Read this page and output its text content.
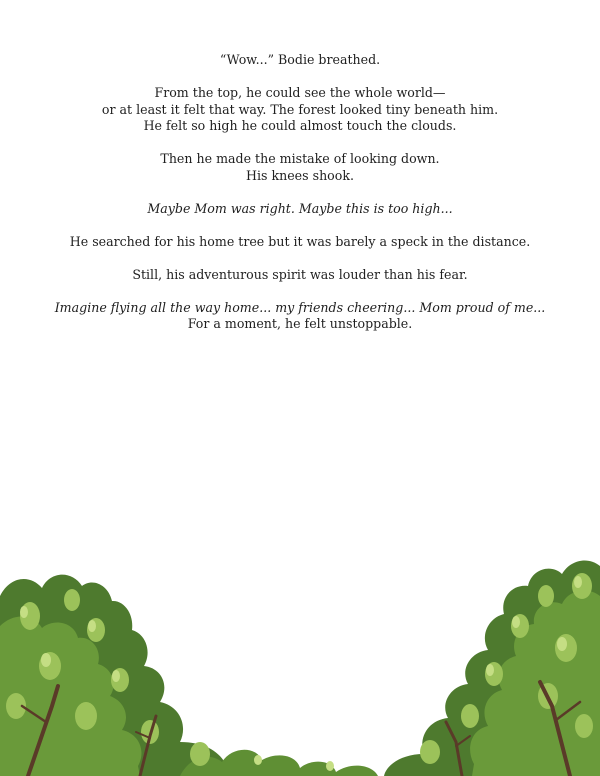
“Wow...” Bodie breathed.

From the top, he could see the whole world—
or at least it felt that way. The forest looked tiny beneath him.
He felt so high he could almost touch the clouds.

Then he made the mistake of looking down.
His knees shook.

Maybe Mom was right. Maybe this is too high...

He searched for his home tree but it was barely a speck in the distance.

Still, his adventurous spirit was louder than his fear.

Imagine flying all the way home... my friends cheering... Mom proud of me...
For a moment, he felt unstoppable.
